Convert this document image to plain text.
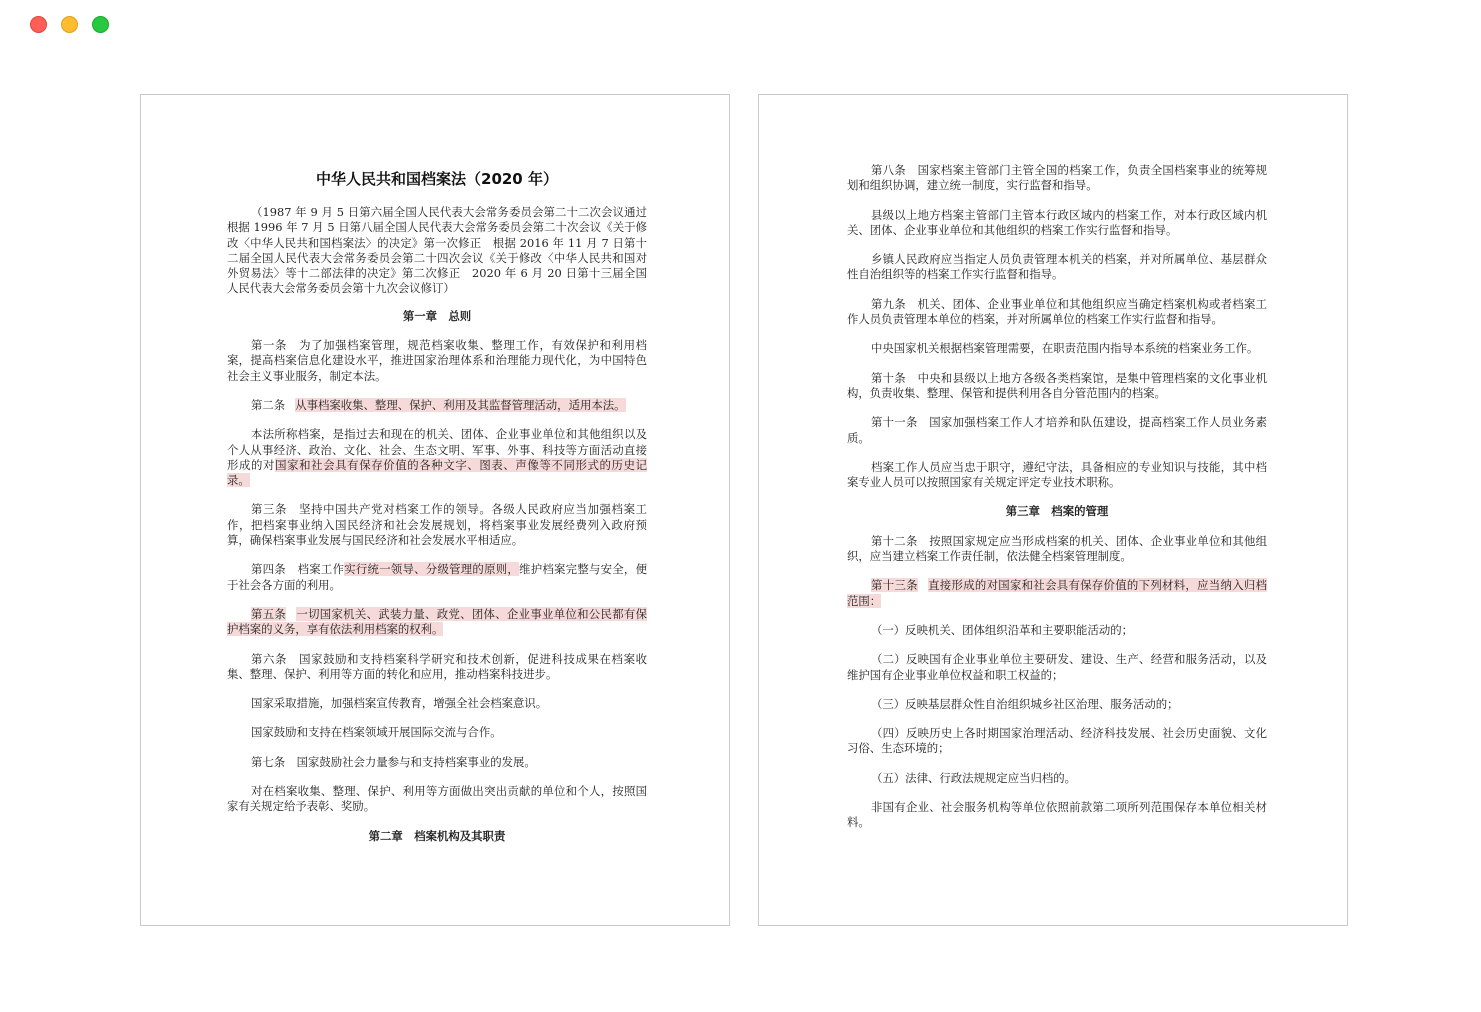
中华人民共和国档案法（2020 年）

（1987 年 9 月 5 日第六届全国人民代表大会常务委员会第二十二次会议通过　根据 1996 年 7 月 5 日第八届全国人民代表大会常务委员会第二十次会议《关于修改〈中华人民共和国档案法〉的决定》第一次修正　根据 2016 年 11 月 7 日第十二届全国人民代表大会常务委员会第二十四次会议《关于修改〈中华人民共和国对外贸易法〉等十二部法律的决定》第二次修正　2020 年 6 月 20 日第十三届全国人民代表大会常务委员会第十九次会议修订）

第一章　总则

第一条　为了加强档案管理，规范档案收集、整理工作，有效保护和利用档案，提高档案信息化建设水平，推进国家治理体系和治理能力现代化，为中国特色社会主义事业服务，制定本法。

第二条 从事档案收集、整理、保护、利用及其监督管理活动，适用本法。

本法所称档案，是指过去和现在的机关、团体、企业事业单位和其他组织以及个人从事经济、政治、文化、社会、生态文明、军事、外事、科技等方面活动直接形成的对国家和社会具有保存价值的各种文字、图表、声像等不同形式的历史记录。

第三条　坚持中国共产党对档案工作的领导。各级人民政府应当加强档案工作，把档案事业纳入国民经济和社会发展规划，将档案事业发展经费列入政府预算，确保档案事业发展与国民经济和社会发展水平相适应。

第四条　档案工作实行统一领导、分级管理的原则，维护档案完整与安全，便于社会各方面的利用。

第五条 一切国家机关、武装力量、政党、团体、企业事业单位和公民都有保护档案的义务，享有依法利用档案的权利。

第六条　国家鼓励和支持档案科学研究和技术创新，促进科技成果在档案收集、整理、保护、利用等方面的转化和应用，推动档案科技进步。

国家采取措施，加强档案宣传教育，增强全社会档案意识。

国家鼓励和支持在档案领域开展国际交流与合作。

第七条　国家鼓励社会力量参与和支持档案事业的发展。

对在档案收集、整理、保护、利用等方面做出突出贡献的单位和个人，按照国家有关规定给予表彰、奖励。

第二章　档案机构及其职责

第八条　国家档案主管部门主管全国的档案工作，负责全国档案事业的统筹规划和组织协调，建立统一制度，实行监督和指导。

县级以上地方档案主管部门主管本行政区域内的档案工作，对本行政区域内机关、团体、企业事业单位和其他组织的档案工作实行监督和指导。

乡镇人民政府应当指定人员负责管理本机关的档案，并对所属单位、基层群众性自治组织等的档案工作实行监督和指导。

第九条　机关、团体、企业事业单位和其他组织应当确定档案机构或者档案工作人员负责管理本单位的档案，并对所属单位的档案工作实行监督和指导。

中央国家机关根据档案管理需要，在职责范围内指导本系统的档案业务工作。

第十条　中央和县级以上地方各级各类档案馆，是集中管理档案的文化事业机构，负责收集、整理、保管和提供利用各自分管范围内的档案。

第十一条　国家加强档案工作人才培养和队伍建设，提高档案工作人员业务素质。

档案工作人员应当忠于职守，遵纪守法，具备相应的专业知识与技能，其中档案专业人员可以按照国家有关规定评定专业技术职称。

第三章　档案的管理

第十二条　按照国家规定应当形成档案的机关、团体、企业事业单位和其他组织，应当建立档案工作责任制，依法健全档案管理制度。

第十三条 直接形成的对国家和社会具有保存价值的下列材料，应当纳入归档范围：

（一）反映机关、团体组织沿革和主要职能活动的；

（二）反映国有企业事业单位主要研发、建设、生产、经营和服务活动，以及维护国有企业事业单位权益和职工权益的；

（三）反映基层群众性自治组织城乡社区治理、服务活动的；

（四）反映历史上各时期国家治理活动、经济科技发展、社会历史面貌、文化习俗、生态环境的；

（五）法律、行政法规规定应当归档的。

非国有企业、社会服务机构等单位依照前款第二项所列范围保存本单位相关材料。
